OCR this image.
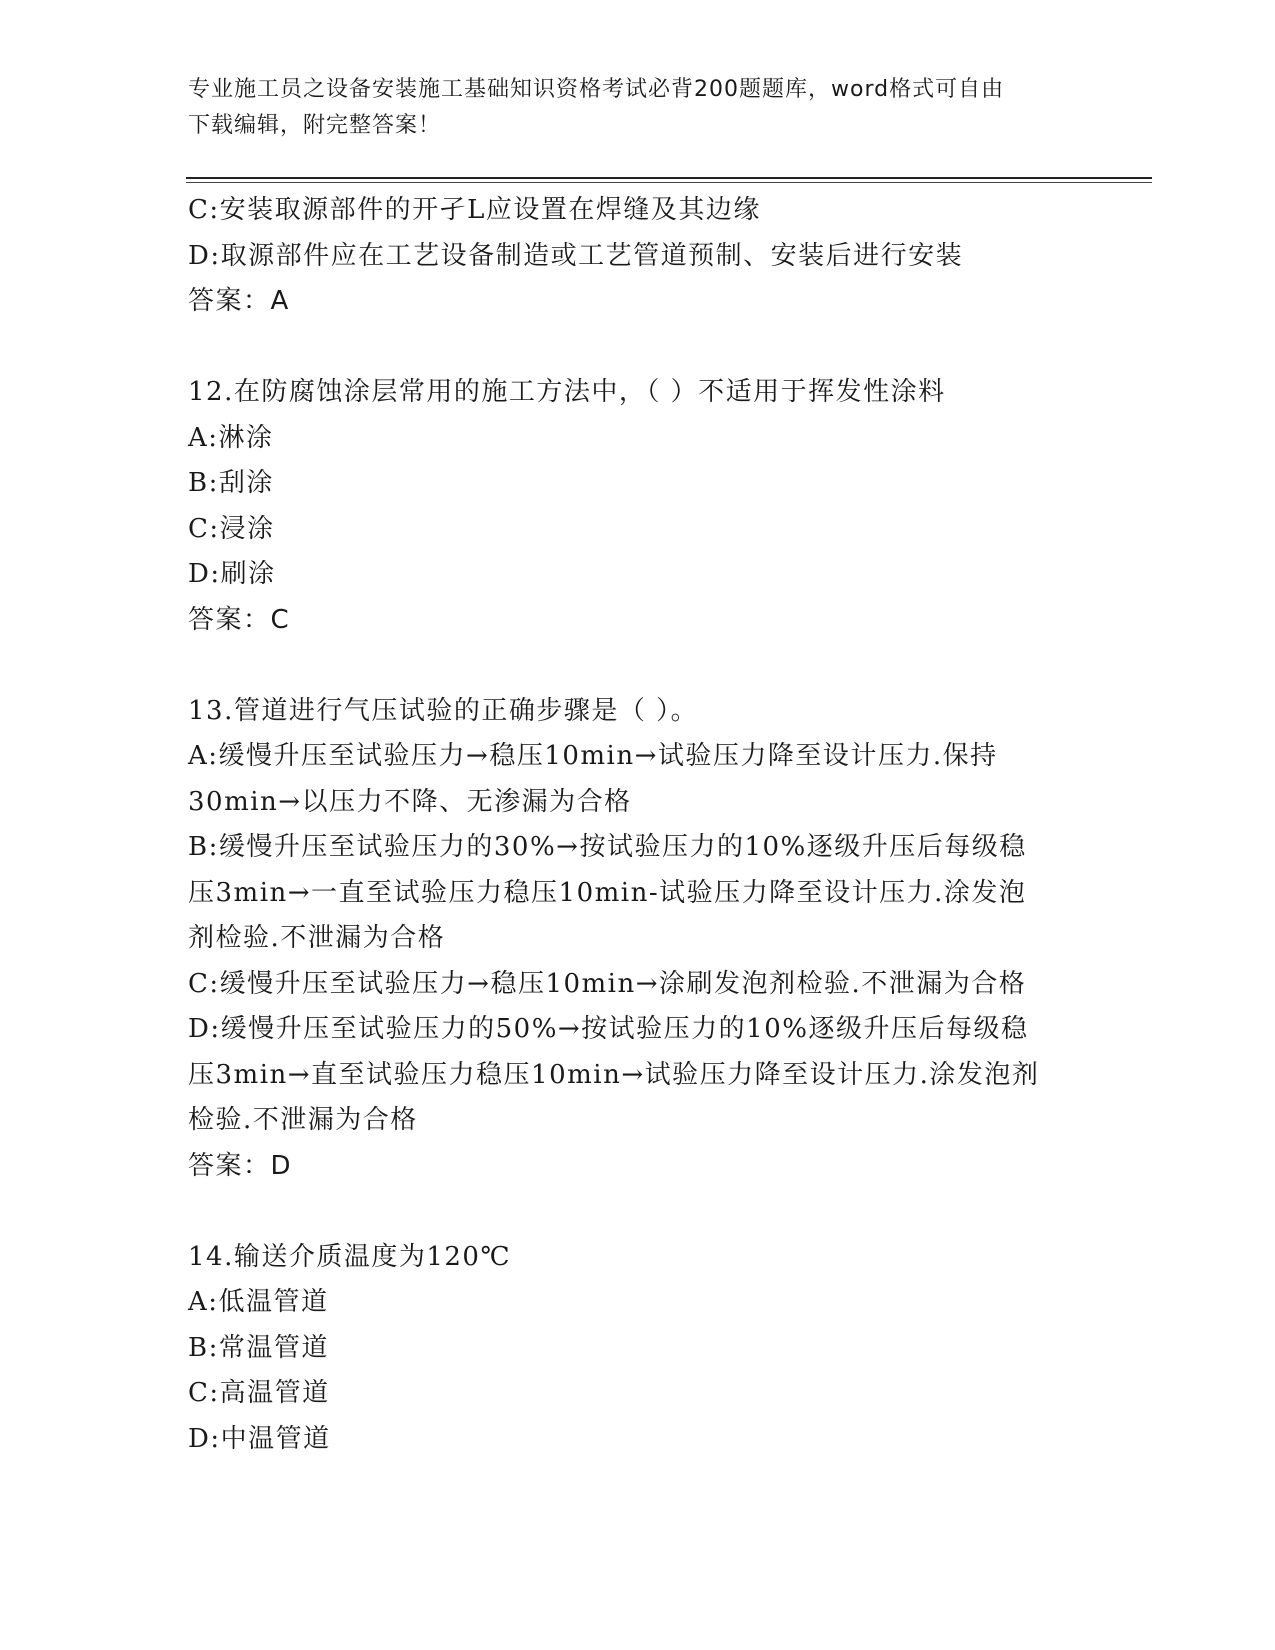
专业施工员之设备安装施工基础知识资格考试必背200题题库，word格式可自由
下载编辑，附完整答案！
C:安装取源部件的开孑L应设置在焊缝及其边缘
D:取源部件应在工艺设备制造或工艺管道预制、安装后进行安装
答案：A
12.在防腐蚀涂层常用的施工方法中，（ ）不适用于挥发性涂料
A:淋涂
B:刮涂
C:浸涂
D:刷涂
答案：C
13.管道进行气压试验的正确步骤是（ ）。
A:缓慢升压至试验压力→稳压10min→试验压力降至设计压力.保持
30min→以压力不降、无渗漏为合格
B:缓慢升压至试验压力的30%→按试验压力的10%逐级升压后每级稳
压3min→一直至试验压力稳压10min-试验压力降至设计压力.涂发泡
剂检验.不泄漏为合格
C:缓慢升压至试验压力→稳压10min→涂刷发泡剂检验.不泄漏为合格
D:缓慢升压至试验压力的50%→按试验压力的10%逐级升压后每级稳
压3min→直至试验压力稳压10min→试验压力降至设计压力.涂发泡剂
检验.不泄漏为合格
答案：D
14.输送介质温度为120℃
A:低温管道
B:常温管道
C:高温管道
D:中温管道
